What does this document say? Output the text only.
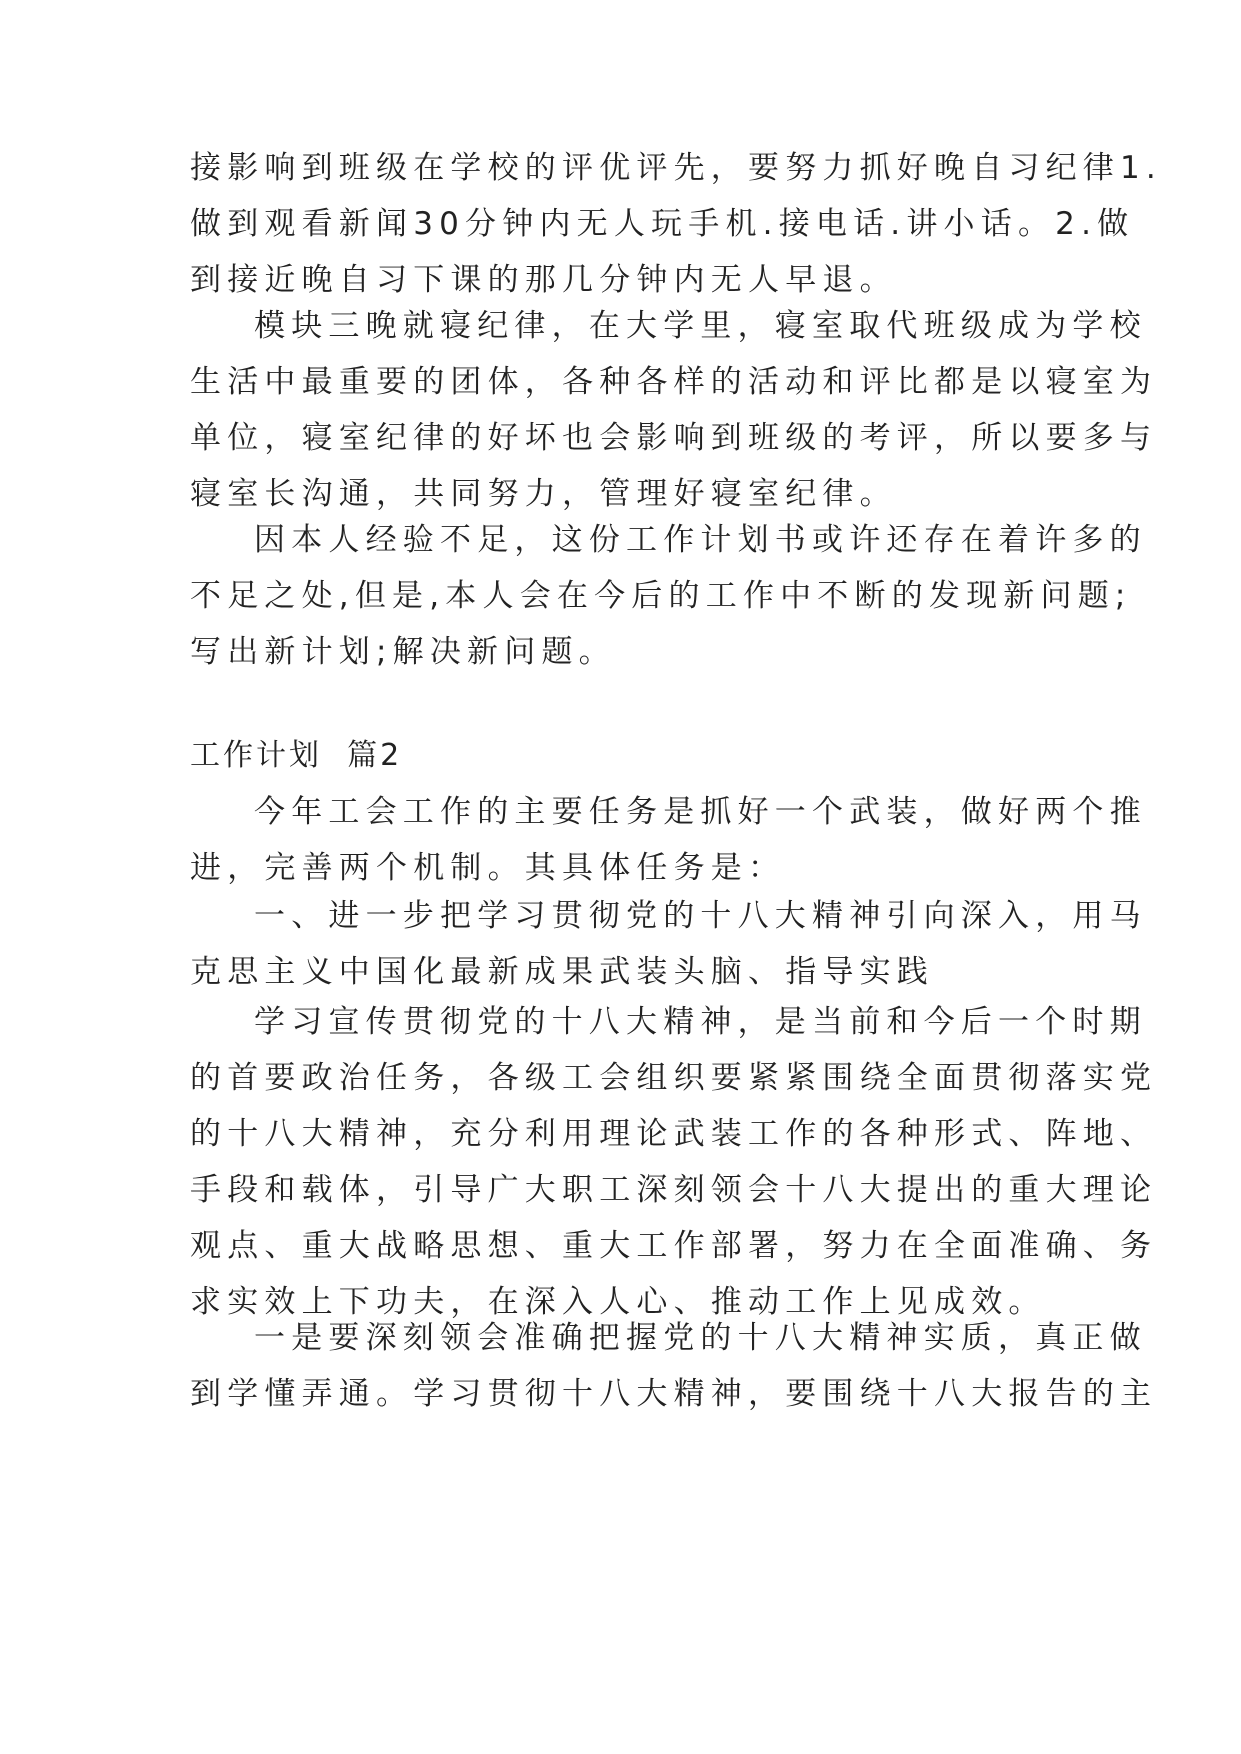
接影响到班级在学校的评优评先，要努力抓好晚自习纪律1.
做到观看新闻30分钟内无人玩手机.接电话.讲小话。2.做
到接近晚自习下课的那几分钟内无人早退。
模块三晚就寝纪律，在大学里，寝室取代班级成为学校
生活中最重要的团体，各种各样的活动和评比都是以寝室为
单位，寝室纪律的好坏也会影响到班级的考评，所以要多与
寝室长沟通，共同努力，管理好寝室纪律。
因本人经验不足，这份工作计划书或许还存在着许多的
不足之处,但是,本人会在今后的工作中不断的发现新问题;
写出新计划;解决新问题。
工作计划  篇2
今年工会工作的主要任务是抓好一个武装，做好两个推
进，完善两个机制。其具体任务是：
一、进一步把学习贯彻党的十八大精神引向深入，用马
克思主义中国化最新成果武装头脑、指导实践
学习宣传贯彻党的十八大精神，是当前和今后一个时期
的首要政治任务，各级工会组织要紧紧围绕全面贯彻落实党
的十八大精神，充分利用理论武装工作的各种形式、阵地、
手段和载体，引导广大职工深刻领会十八大提出的重大理论
观点、重大战略思想、重大工作部署，努力在全面准确、务
求实效上下功夫，在深入人心、推动工作上见成效。
一是要深刻领会准确把握党的十八大精神实质，真正做
到学懂弄通。学习贯彻十八大精神，要围绕十八大报告的主
